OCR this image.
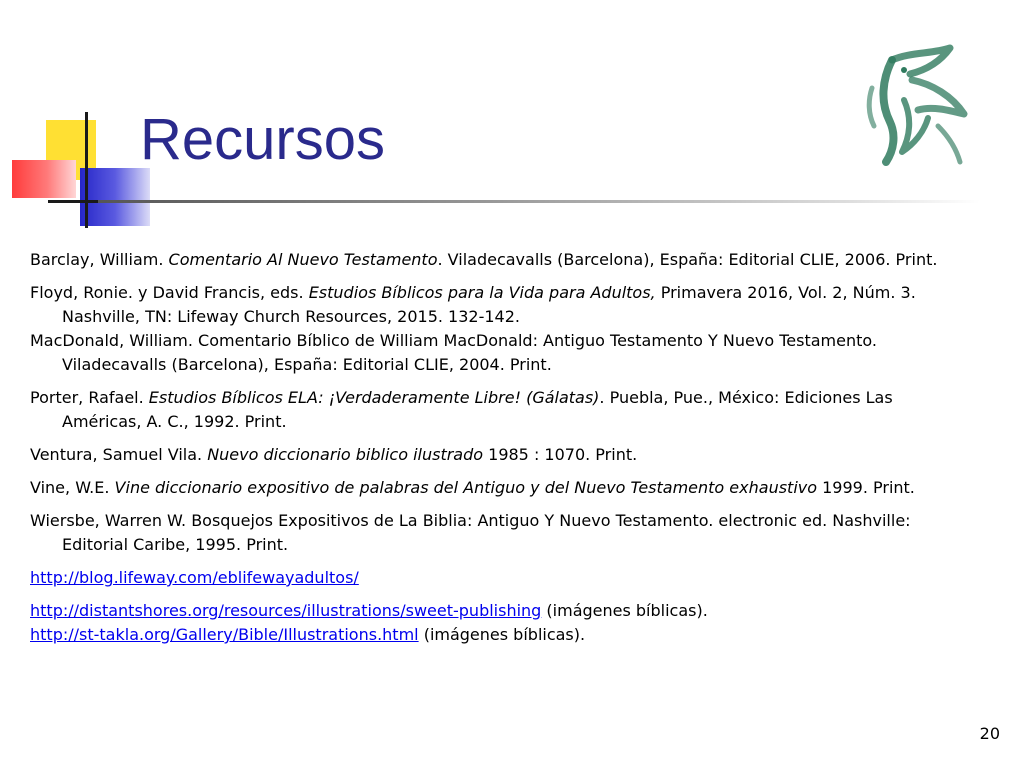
Recursos

Barclay, William. Comentario Al Nuevo Testamento. Viladecavalls (Barcelona), España: Editorial CLIE, 2006. Print.

Floyd, Ronie. y David Francis, eds. Estudios Bíblicos para la Vida para Adultos, Primavera 2016, Vol. 2, Núm. 3. Nashville, TN: Lifeway Church Resources, 2015. 132-142.

MacDonald, William. Comentario Bíblico de William MacDonald: Antiguo Testamento Y Nuevo Testamento. Viladecavalls (Barcelona), España: Editorial CLIE, 2004. Print.

Porter, Rafael. Estudios Bíblicos ELA: ¡Verdaderamente Libre! (Gálatas). Puebla, Pue., México: Ediciones Las Américas, A. C., 1992. Print.

Ventura, Samuel Vila. Nuevo diccionario biblico ilustrado 1985 : 1070. Print.

Vine, W.E. Vine diccionario expositivo de palabras del Antiguo y del Nuevo Testamento exhaustivo 1999. Print.

Wiersbe, Warren W. Bosquejos Expositivos de La Biblia: Antiguo Y Nuevo Testamento. electronic ed. Nashville: Editorial Caribe, 1995. Print.

http://blog.lifeway.com/eblifewayadultos/

http://distantshores.org/resources/illustrations/sweet-publishing (imágenes bíblicas).

http://st-takla.org/Gallery/Bible/Illustrations.html (imágenes bíblicas).

20
